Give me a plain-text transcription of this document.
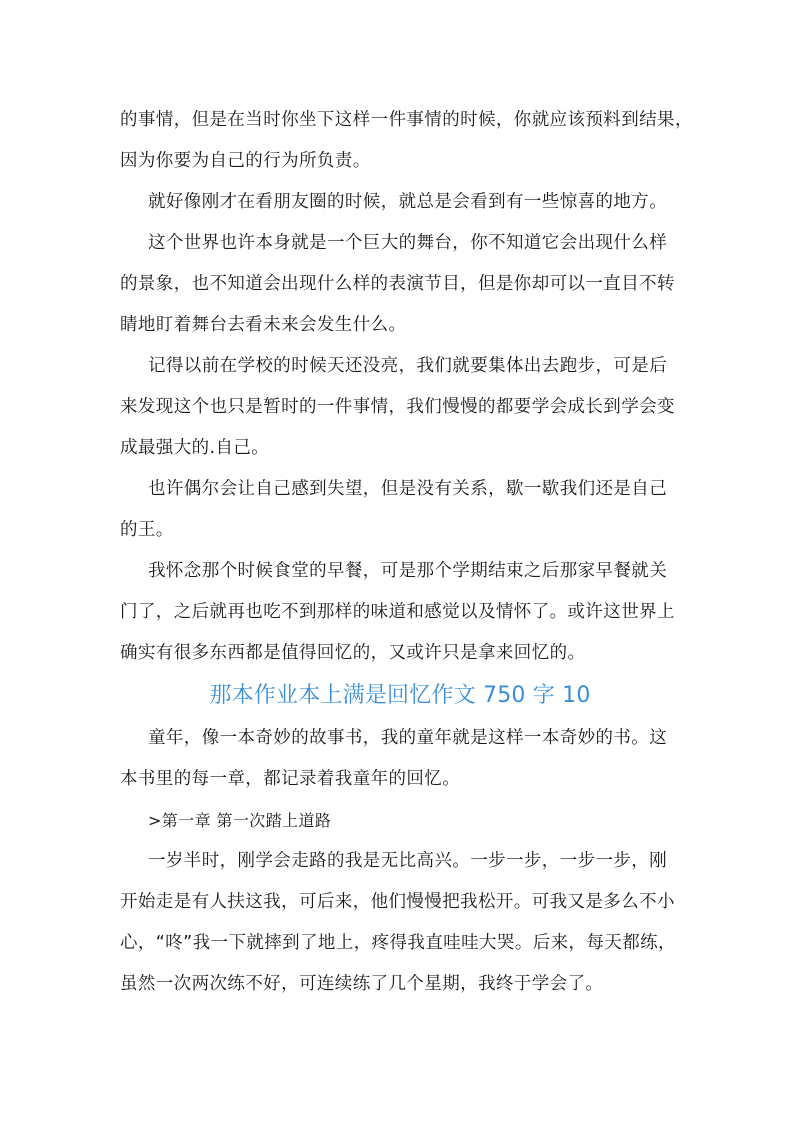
的事情，但是在当时你坐下这样一件事情的时候，你就应该预料到结果，
因为你要为自己的行为所负责。
就好像刚才在看朋友圈的时候，就总是会看到有一些惊喜的地方。
这个世界也许本身就是一个巨大的舞台，你不知道它会出现什么样
的景象，也不知道会出现什么样的表演节目，但是你却可以一直目不转
睛地盯着舞台去看未来会发生什么。
记得以前在学校的时候天还没亮，我们就要集体出去跑步，可是后
来发现这个也只是暂时的一件事情，我们慢慢的都要学会成长到学会变
成最强大的.自己。
也许偶尔会让自己感到失望，但是没有关系，歇一歇我们还是自己
的王。
我怀念那个时候食堂的早餐，可是那个学期结束之后那家早餐就关
门了，之后就再也吃不到那样的味道和感觉以及情怀了。或许这世界上
确实有很多东西都是值得回忆的，又或许只是拿来回忆的。
那本作业本上满是回忆作文 750 字 10
童年，像一本奇妙的故事书，我的童年就是这样一本奇妙的书。这
本书里的每一章，都记录着我童年的回忆。
>第一章 第一次踏上道路
一岁半时，刚学会走路的我是无比高兴。一步一步，一步一步，刚
开始走是有人扶这我，可后来，他们慢慢把我松开。可我又是多么不小
心，“咚”我一下就摔到了地上，疼得我直哇哇大哭。后来，每天都练，
虽然一次两次练不好，可连续练了几个星期，我终于学会了。
